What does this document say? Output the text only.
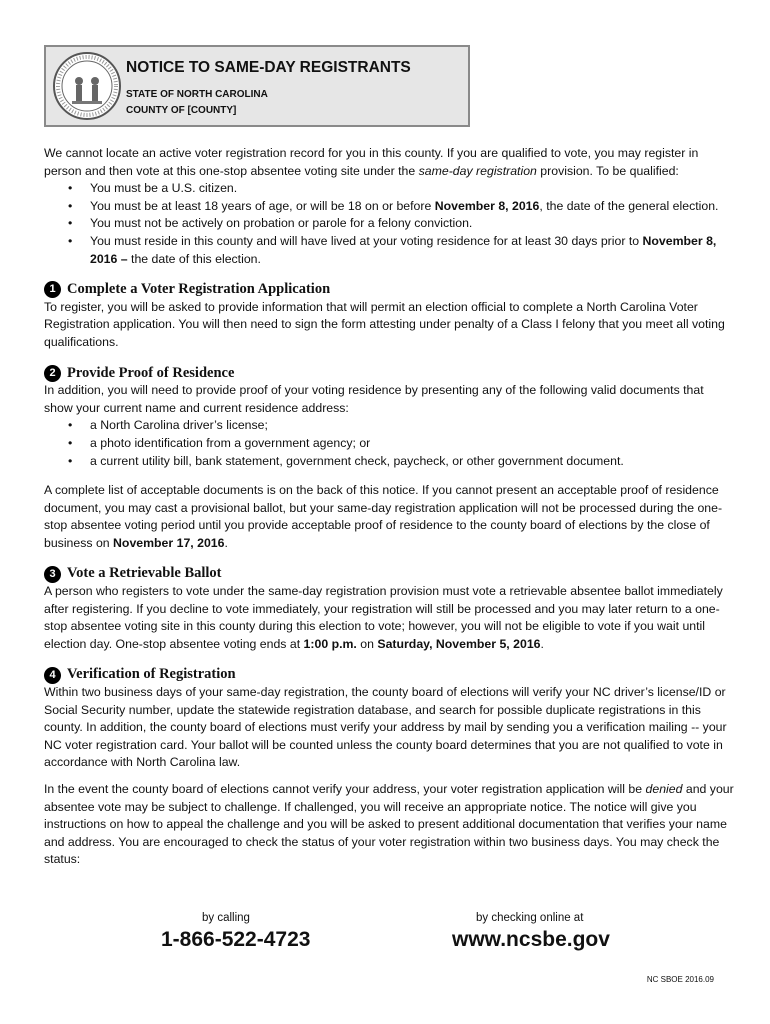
NOTICE TO SAME-DAY REGISTRANTS
STATE OF NORTH CAROLINA
COUNTY OF [COUNTY]

We cannot locate an active voter registration record for you in this county. If you are qualified to vote, you may register in person and then vote at this one-stop absentee voting site under the same-day registration provision. To be qualified:

• You must be a U.S. citizen.
• You must be at least 18 years of age, or will be 18 on or before November 8, 2016, the date of the general election.
• You must not be actively on probation or parole for a felony conviction.
• You must reside in this county and will have lived at your voting residence for at least 30 days prior to November 8, 2016 – the date of this election.
1 Complete a Voter Registration Application

To register, you will be asked to provide information that will permit an election official to complete a North Carolina Voter Registration application. You will then need to sign the form attesting under penalty of a Class I felony that you meet all voting qualifications.

2 Provide Proof of Residence

In addition, you will need to provide proof of your voting residence by presenting any of the following valid documents that show your current name and current residence address:

• a North Carolina driver’s license;
• a photo identification from a government agency; or
• a current utility bill, bank statement, government check, paycheck, or other government document.

A complete list of acceptable documents is on the back of this notice. If you cannot present an acceptable proof of residence document, you may cast a provisional ballot, but your same-day registration application will not be processed during the one-stop absentee voting period until you provide acceptable proof of residence to the county board of elections by the close of business on November 17, 2016.

3 Vote a Retrievable Ballot

A person who registers to vote under the same-day registration provision must vote a retrievable absentee ballot immediately after registering. If you decline to vote immediately, your registration will still be processed and you may later return to a one-stop absentee voting site in this county during this election to vote; however, you will not be eligible to vote if you wait until election day. One-stop absentee voting ends at 1:00 p.m. on Saturday, November 5, 2016.

4 Verification of Registration

Within two business days of your same-day registration, the county board of elections will verify your NC driver’s license/ID or Social Security number, update the statewide registration database, and search for possible duplicate registrations in this county. In addition, the county board of elections must verify your address by mail by sending you a verification mailing -- your NC voter registration card. Your ballot will be counted unless the county board determines that you are not qualified to vote in accordance with North Carolina law.

In the event the county board of elections cannot verify your address, your voter registration application will be denied and your absentee vote may be subject to challenge. If challenged, you will receive an appropriate notice. The notice will give you instructions on how to appeal the challenge and you will be asked to present additional documentation that verifies your name and address. You are encouraged to check the status of your voter registration within two business days. You may check the status:

by calling
1-866-522-4723
by checking online at
www.ncsbe.gov
NC SBOE 2016.09
